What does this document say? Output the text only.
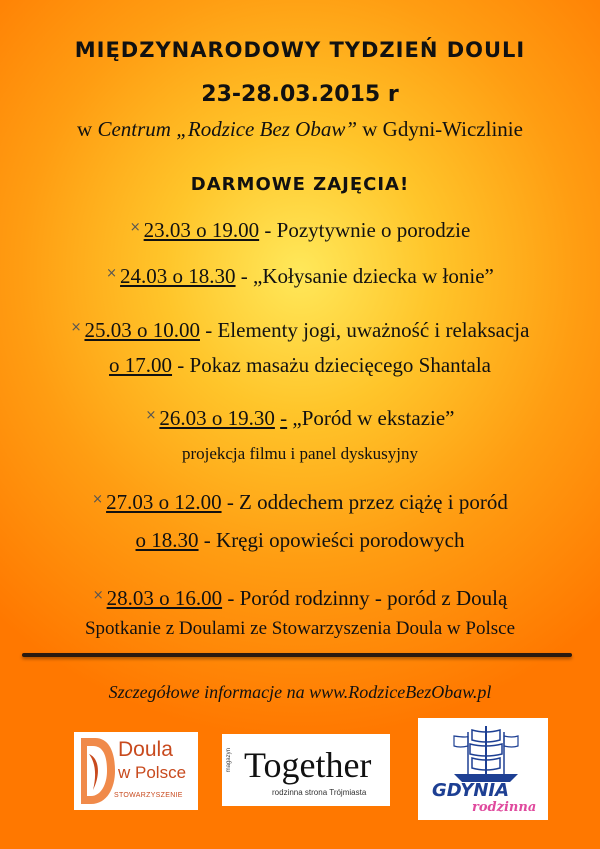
MIĘDZYNARODOWY TYDZIEŃ DOULI
23-28.03.2015 r
w Centrum „Rodzice Bez Obaw” w Gdyni-Wiczlinie
DARMOWE ZAJĘCIA!
× 23.03 o 19.00 - Pozytywnie o porodzie
× 24.03 o 18.30 - „Kołysanie dziecka w łonie”
× 25.03 o 10.00 - Elementy jogi, uważność i relaksacja
o 17.00 - Pokaz masażu dziecięcego Shantala
× 26.03 o 19.30 - „Poród w ekstazie”
projekcja filmu i panel dyskusyjny
× 27.03 o 12.00 - Z oddechem przez ciążę i poród
o 18.30 - Kręgi opowieści porodowych
× 28.03 o 16.00 - Poród rodzinny - poród z Doulą
Spotkanie z Doulami ze Stowarzyszenia Doula w Polsce
Szczegółowe informacje na www.RodziceBezObaw.pl
Doula
w Polsce
STOWARZYSZENIE
magazyn Together
rodzinna strona Trójmiasta	GDYNIA
rodzinna
